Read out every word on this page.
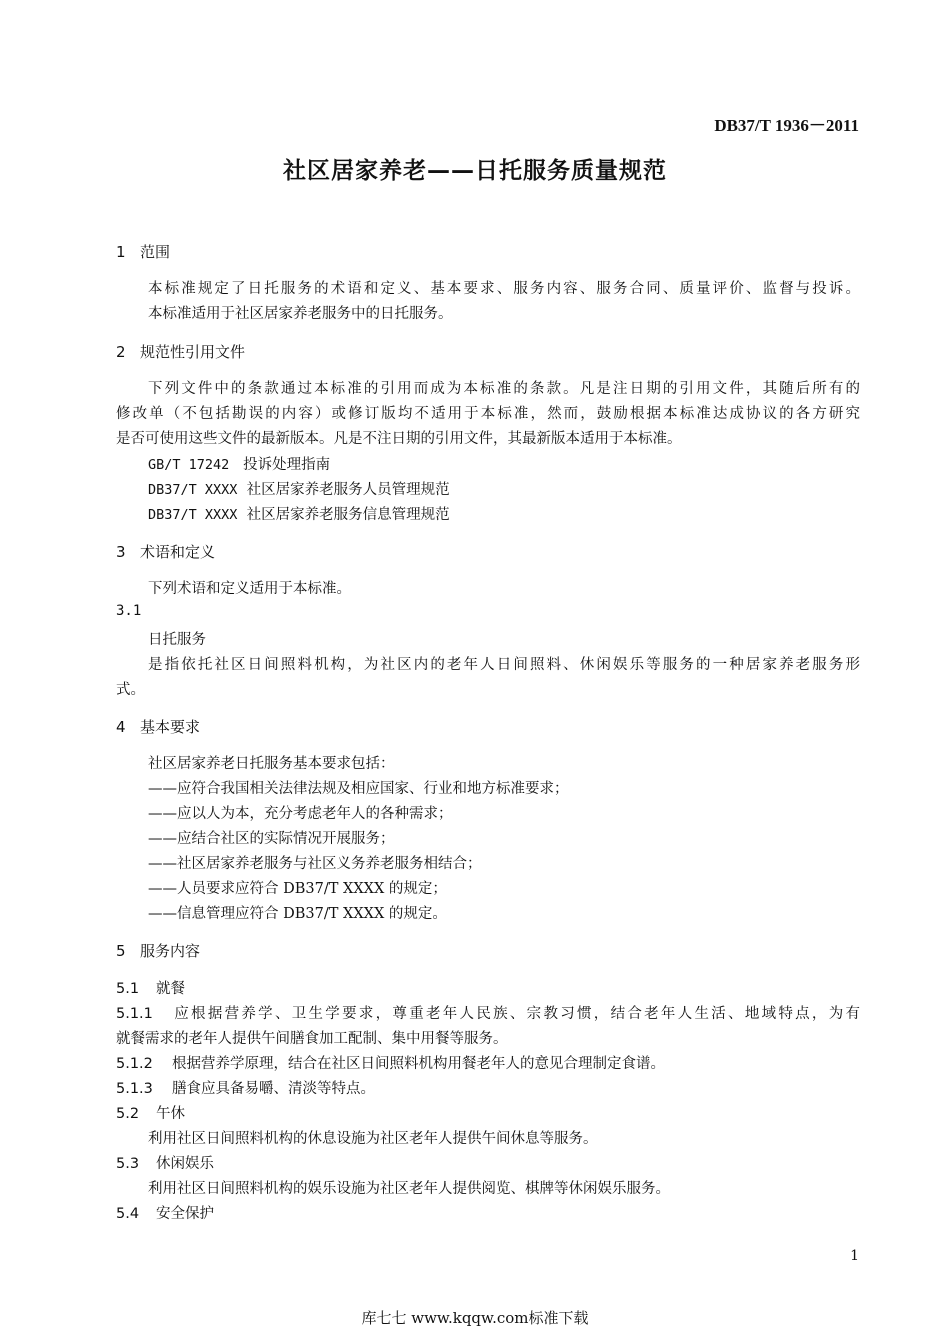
DB37/T 1936－2011
社区居家养老——日托服务质量规范
1 范围
本标准规定了日托服务的术语和定义、基本要求、服务内容、服务合同、质量评价、监督与投诉。
本标准适用于社区居家养老服务中的日托服务。
2 规范性引用文件
下列文件中的条款通过本标准的引用而成为本标准的条款。凡是注日期的引用文件，其随后所有的
修改单（不包括勘误的内容）或修订版均不适用于本标准，然而，鼓励根据本标准达成协议的各方研究
是否可使用这些文件的最新版本。凡是不注日期的引用文件，其最新版本适用于本标准。
GB/T 17242 投诉处理指南
DB37/T XXXX 社区居家养老服务人员管理规范
DB37/T XXXX 社区居家养老服务信息管理规范
3 术语和定义
下列术语和定义适用于本标准。
3.1
日托服务
是指依托社区日间照料机构，为社区内的老年人日间照料、休闲娱乐等服务的一种居家养老服务形
式。
4 基本要求
社区居家养老日托服务基本要求包括：
——应符合我国相关法律法规及相应国家、行业和地方标准要求；
——应以人为本，充分考虑老年人的各种需求；
——应结合社区的实际情况开展服务；
——社区居家养老服务与社区义务养老服务相结合；
——人员要求应符合 DB37/T XXXX 的规定；
——信息管理应符合 DB37/T XXXX 的规定。
5 服务内容
5.1 就餐
5.1.1 应根据营养学、卫生学要求，尊重老年人民族、宗教习惯，结合老年人生活、地域特点，为有
就餐需求的老年人提供午间膳食加工配制、集中用餐等服务。
5.1.2 根据营养学原理，结合在社区日间照料机构用餐老年人的意见合理制定食谱。
5.1.3 膳食应具备易嚼、清淡等特点。
5.2 午休
利用社区日间照料机构的休息设施为社区老年人提供午间休息等服务。
5.3 休闲娱乐
利用社区日间照料机构的娱乐设施为社区老年人提供阅览、棋牌等休闲娱乐服务。
5.4 安全保护
1
库七七 www.kqqw.com标准下载
